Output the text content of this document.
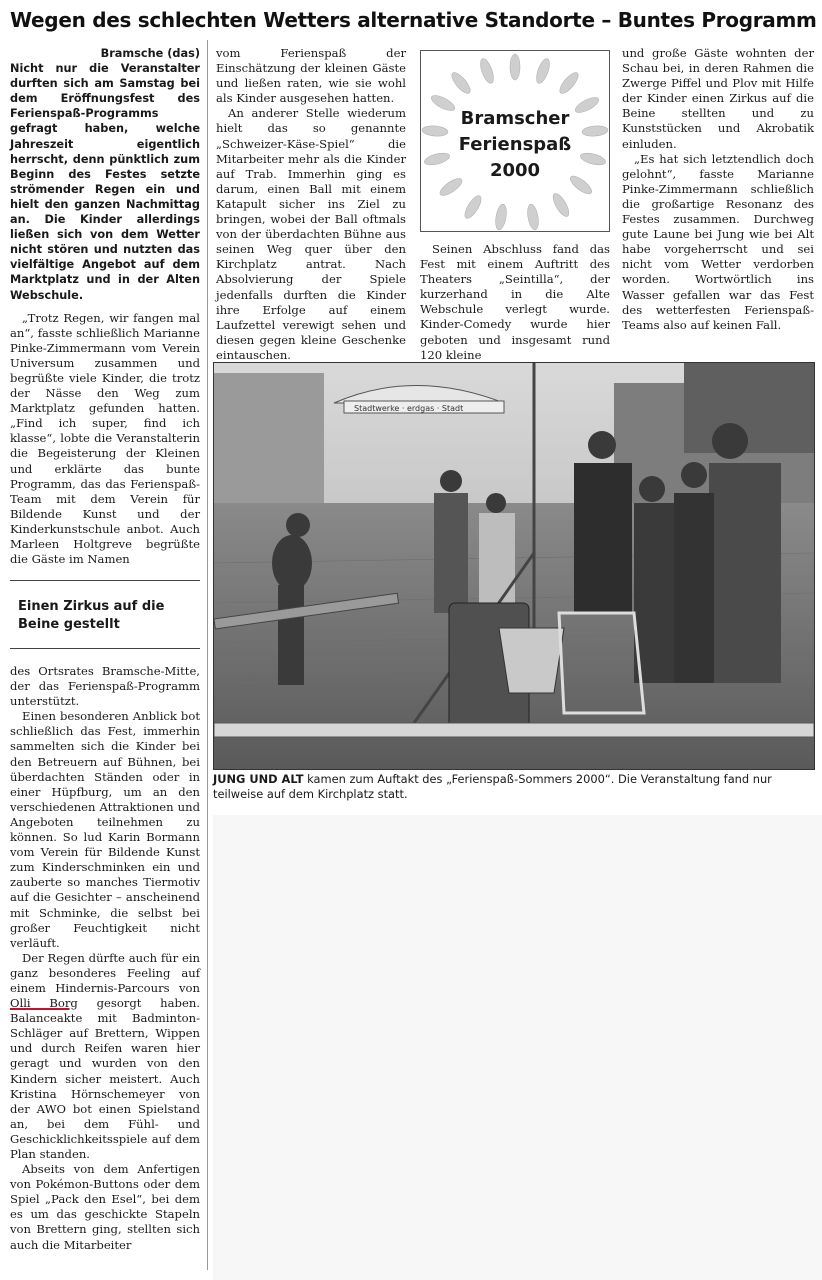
Wegen des schlechten Wetters alternative Standorte – Buntes Programm

Bramsche (das)
Nicht nur die Veranstalter durften sich am Samstag bei dem Eröffnungsfest des Ferienspaß-Programms gefragt haben, welche Jahreszeit eigentlich herrscht, denn pünktlich zum Beginn des Festes setzte strömender Regen ein und hielt den ganzen Nachmittag an. Die Kinder allerdings ließen sich von dem Wetter nicht stören und nutzten das vielfältige Angebot auf dem Marktplatz und in der Alten Webschule.

„Trotz Regen, wir fangen mal an“, fasste schließlich Marianne Pinke-Zimmermann vom Verein Universum zusammen und begrüßte viele Kinder, die trotz der Nässe den Weg zum Marktplatz gefunden hatten. „Find ich super, find ich klasse“, lobte die Veranstalterin die Begeisterung der Kleinen und erklärte das bunte Programm, das das Ferienspaß-Team mit dem Verein für Bildende Kunst und der Kinderkunstschule anbot. Auch Marleen Holtgreve begrüßte die Gäste im Namen

Einen Zirkus auf die Beine gestellt

des Ortsrates Bramsche-Mitte, der das Ferienspaß-Programm unterstützt.

Einen besonderen Anblick bot schließlich das Fest, immerhin sammelten sich die Kinder bei den Betreuern auf Bühnen, bei überdachten Ständen oder in einer Hüpfburg, um an den verschiedenen Attraktionen und Angeboten teilnehmen zu können. So lud Karin Bormann vom Verein für Bildende Kunst zum Kinderschminken ein und zauberte so manches Tiermotiv auf die Gesichter – anscheinend mit Schminke, die selbst bei großer Feuchtigkeit nicht verläuft.

Der Regen dürfte auch für ein ganz besonderes Feeling auf einem Hindernis-Parcours von Olli Borg gesorgt haben. Balanceakte mit Badminton-Schläger auf Brettern, Wippen und durch Reifen waren hier geragt und wurden von den Kindern sicher meistert. Auch Kristina Hörnschemeyer von der AWO bot einen Spielstand an, bei dem Fühl- und Geschicklichkeitsspiele auf dem Plan standen.

Abseits von dem Anfertigen von Pokémon-Buttons oder dem Spiel „Pack den Esel“, bei dem es um das geschickte Stapeln von Brettern ging, stellten sich auch die Mitarbeiter

vom Ferienspaß der Einschätzung der kleinen Gäste und ließen raten, wie sie wohl als Kinder ausgesehen hatten.

An anderer Stelle wiederum hielt das so genannte „Schweizer-Käse-Spiel“ die Mitarbeiter mehr als die Kinder auf Trab. Immerhin ging es darum, einen Ball mit einem Katapult sicher ins Ziel zu bringen, wobei der Ball oftmals von der überdachten Bühne aus seinen Weg quer über den Kirchplatz antrat. Nach Absolvierung der Spiele jedenfalls durften die Kinder ihre Erfolge auf einem Laufzettel verewigt sehen und diesen gegen kleine Geschenke eintauschen.

Bramscher
Ferienspaß
2000

Seinen Abschluss fand das Fest mit einem Auftritt des Theaters „Seintilla“, der kurzerhand in die Alte Webschule verlegt wurde. Kinder-Comedy wurde hier geboten und insgesamt rund 120 kleine

und große Gäste wohnten der Schau bei, in deren Rahmen die Zwerge Piffel und Plov mit Hilfe der Kinder einen Zirkus auf die Beine stellten und zu Kunststücken und Akrobatik einluden.

„Es hat sich letztendlich doch gelohnt“, fasste Marianne Pinke-Zimmermann schließlich die großartige Resonanz des Festes zusammen. Durchweg gute Laune bei Jung wie bei Alt habe vorgeherrscht und sei nicht vom Wetter verdorben worden. Wortwörtlich ins Wasser gefallen war das Fest des wetterfesten Ferienspaß-Teams also auf keinen Fall.

Stadtwerke · erdgas · Stadt
JUNG UND ALT kamen zum Auftakt des „Ferienspaß-Sommers 2000“. Die Veranstaltung fand nur teilweise auf dem Kirchplatz statt.
